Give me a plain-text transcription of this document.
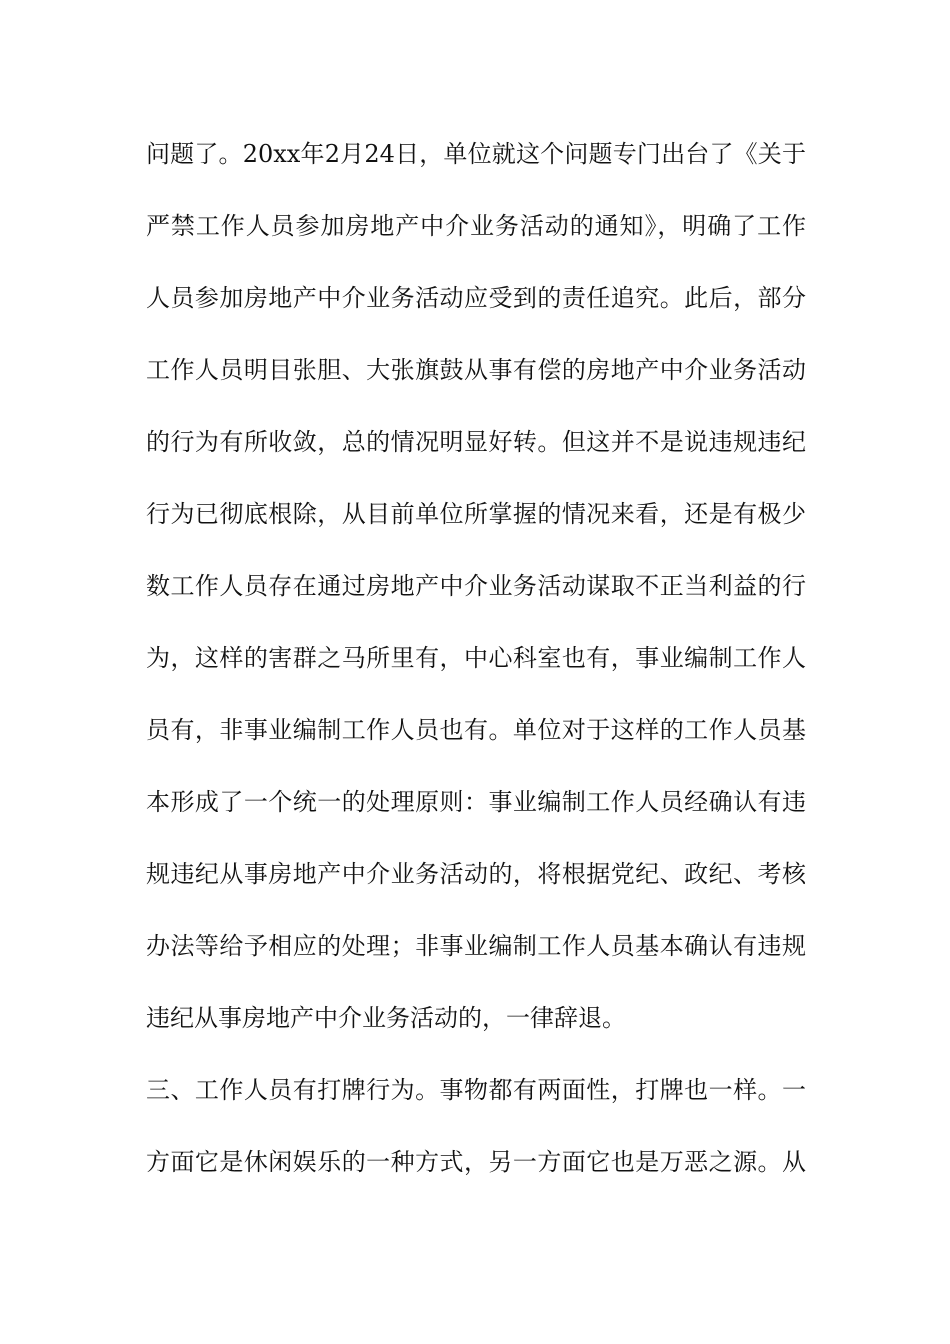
问题了。20xx年2月24日，单位就这个问题专门出台了《关于
严禁工作人员参加房地产中介业务活动的通知》，明确了工作
人员参加房地产中介业务活动应受到的责任追究。此后，部分
工作人员明目张胆、大张旗鼓从事有偿的房地产中介业务活动
的行为有所收敛，总的情况明显好转。但这并不是说违规违纪
行为已彻底根除，从目前单位所掌握的情况来看，还是有极少
数工作人员存在通过房地产中介业务活动谋取不正当利益的行
为，这样的害群之马所里有，中心科室也有，事业编制工作人
员有，非事业编制工作人员也有。单位对于这样的工作人员基
本形成了一个统一的处理原则：事业编制工作人员经确认有违
规违纪从事房地产中介业务活动的，将根据党纪、政纪、考核
办法等给予相应的处理；非事业编制工作人员基本确认有违规
违纪从事房地产中介业务活动的，一律辞退。
三、工作人员有打牌行为。事物都有两面性，打牌也一样。一
方面它是休闲娱乐的一种方式，另一方面它也是万恶之源。从
